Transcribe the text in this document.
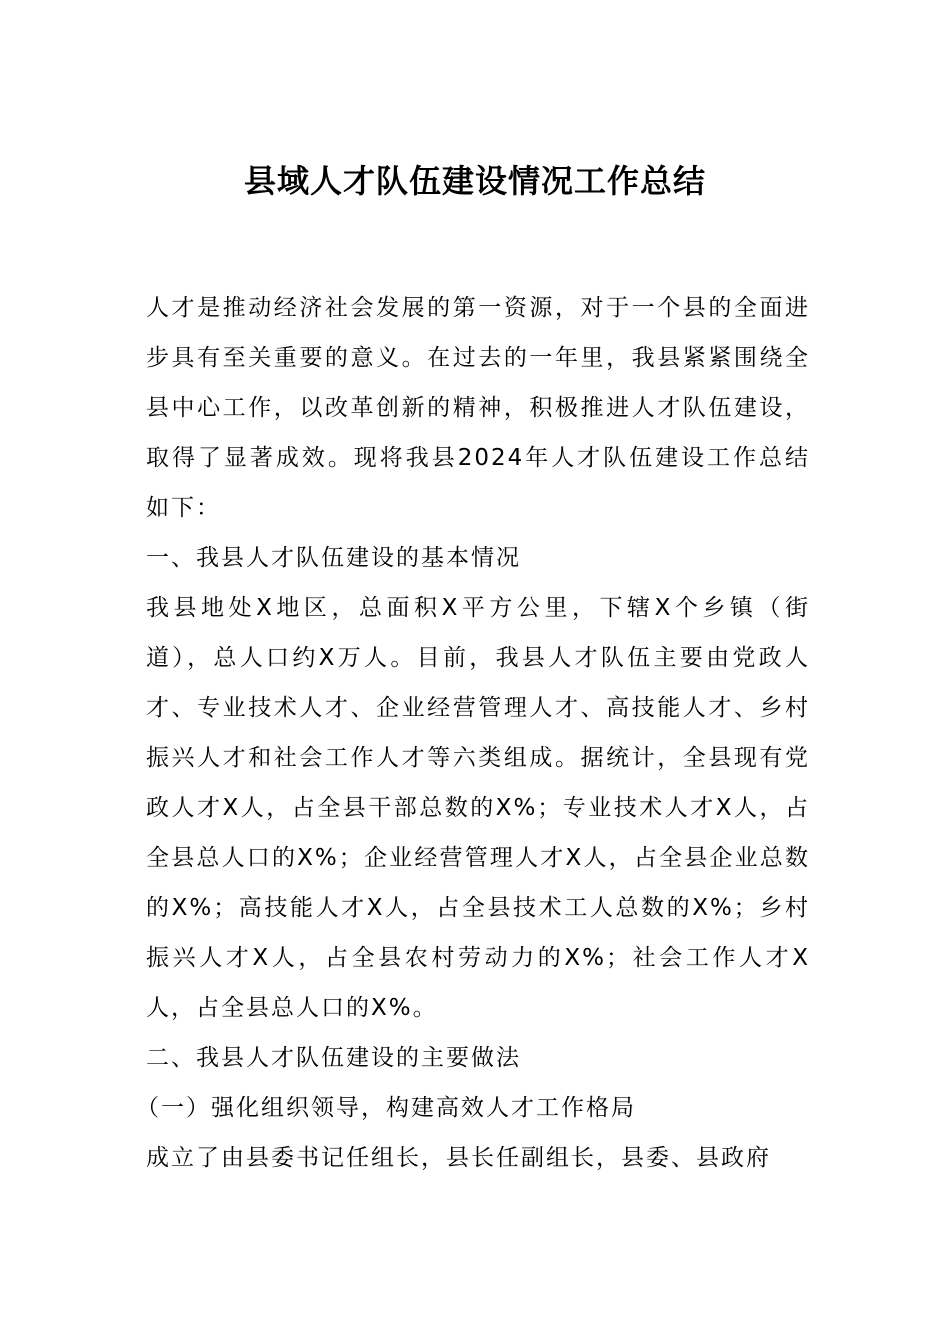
县域人才队伍建设情况工作总结

人才是推动经济社会发展的第一资源，对于一个县的全面进步具有至关重要的意义。在过去的一年里，我县紧紧围绕全县中心工作，以改革创新的精神，积极推进人才队伍建设，取得了显著成效。现将我县2024年人才队伍建设工作总结如下：

一、我县人才队伍建设的基本情况

我县地处X地区，总面积X平方公里，下辖X个乡镇（街道），总人口约X万人。目前，我县人才队伍主要由党政人才、专业技术人才、企业经营管理人才、高技能人才、乡村振兴人才和社会工作人才等六类组成。据统计，全县现有党政人才X人，占全县干部总数的X%；专业技术人才X人，占全县总人口的X%；企业经营管理人才X人，占全县企业总数的X%；高技能人才X人，占全县技术工人总数的X%；乡村振兴人才X人，占全县农村劳动力的X%；社会工作人才X人，占全县总人口的X%。

二、我县人才队伍建设的主要做法

（一）强化组织领导，构建高效人才工作格局

成立了由县委书记任组长，县长任副组长，县委、县政府
